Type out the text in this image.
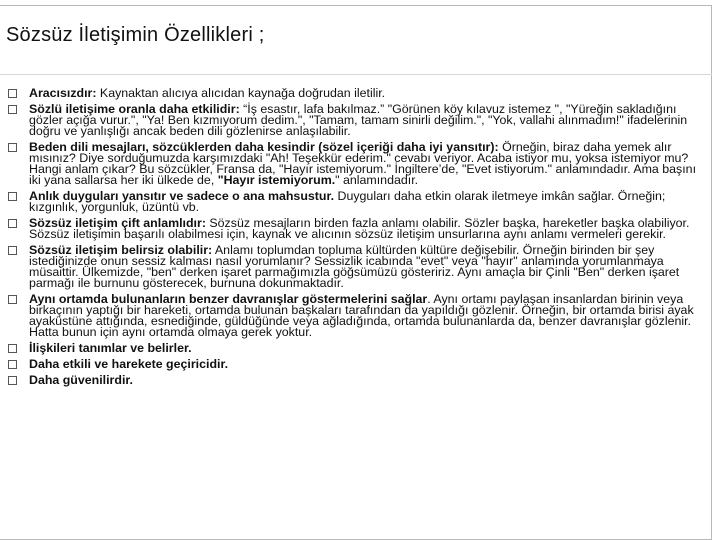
Sözsüz İletişimin Özellikleri ;
Aracısızdır: Kaynaktan alıcıya alıcıdan kaynağa doğrudan iletilir.
Sözlü iletişime oranla daha etkilidir: “İş esastır, lafa bakılmaz.” "Görünen köy kılavuz istemez ", "Yüreğin sakladığını gözler açığa vurur.", "Ya! Ben kızmıyorum dedim.", "Tamam, tamam sinirli değilim.", "Yok, vallahi alınmadım!" ifadelerinin doğru ve yanlışlığı ancak beden dili gözlenirse anlaşılabilir.
Beden dili mesajları, sözcüklerden daha kesindir (sözel içeriği daha iyi yansıtır): Örneğin, biraz daha yemek alır mısınız? Diye sorduğumuzda karşımızdaki "Ah! Teşekkür ederim." cevabı veriyor. Acaba istiyor mu, yoksa istemiyor mu? Hangi anlam çıkar? Bu sözcükler, Fransa da, "Hayır istemiyorum." İngiltere’de, "Evet istiyorum." anlamındadır. Ama başını iki yana sallarsa her iki ülkede de, "Hayır istemiyorum." anlamındadır.
Anlık duyguları yansıtır ve sadece o ana mahsustur. Duyguları daha etkin olarak iletmeye imkân sağlar. Örneğin; kızgınlık, yorgunluk, üzüntü vb.
Sözsüz iletişim çift anlamlıdır: Sözsüz mesajların birden fazla anlamı olabilir. Sözler başka, hareketler başka olabiliyor. Sözsüz iletişimin başarılı olabilmesi için, kaynak ve alıcının sözsüz iletişim unsurlarına aynı anlamı vermeleri gerekir.
Sözsüz iletişim belirsiz olabilir: Anlamı toplumdan topluma kültürden kültüre değişebilir. Örneğin birinden bir şey istediğinizde onun sessiz kalması nasıl yorumlanır? Sessizlik icabında "evet" veya "hayır" anlamında yorumlanmaya müsaittir. Ülkemizde, "ben" derken işaret parmağımızla göğsümüzü gösteririz. Aynı amaçla bir Çinli "Ben" derken işaret parmağı ile burnunu gösterecek, burnuna dokunmaktadır.
Aynı ortamda bulunanların benzer davranışlar göstermelerini sağlar. Aynı ortamı paylaşan insanlardan birinin veya birkaçının yaptığı bir hareketi, ortamda bulunan başkaları tarafından da yapıldığı gözlenir. Örneğin, bir ortamda birisi ayak ayaküstüne attığında, esnediğinde, güldüğünde veya ağladığında, ortamda bulunanlarda da, benzer davranışlar gözlenir. Hatta bunun için aynı ortamda olmaya gerek yoktur.
İlişkileri tanımlar ve belirler.
Daha etkili ve harekete geçiricidir.
Daha güvenilirdir.
